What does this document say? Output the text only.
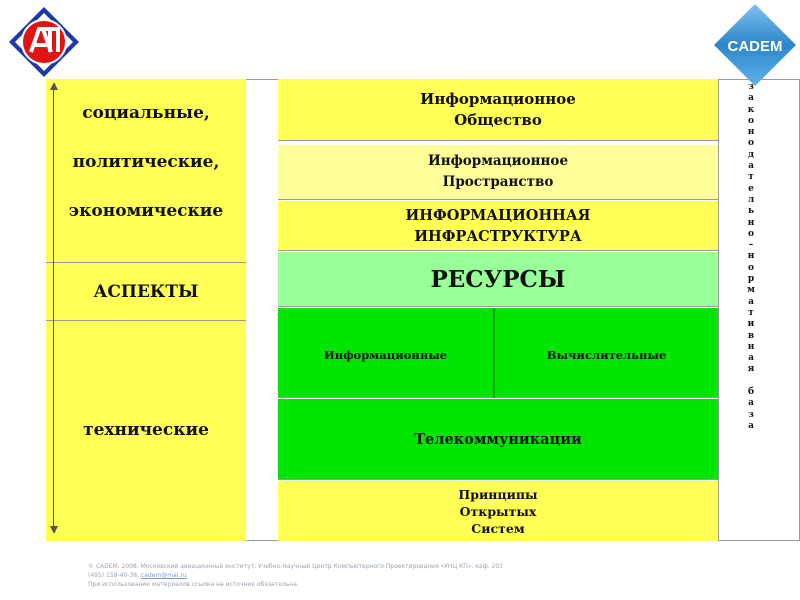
CADEM
социальные,
политические,
экономические
АСПЕКТЫ
технические
Информационное
Общество
Информационное
Пространство
ИНФОРМАЦИОННАЯ
ИНФРАСТРУКТУРА
РЕСУРСЫ
Информационные	Вычислительные
Телекоммуникации
Принципы
Открытых
Систем
з
а
к
о
н
о
д
а
т
е
л
ь
н
о
–
н
о
р
м
а
т
и
в
н
а
я

б
а
з
а
© CADEM, 2008. Московский авиационный институт, Учебно-Научный Центр Компьютерного Проектирования «УНЦ КП», каф. 203
(495) 158-40-38, cadem@mai.ru
При использовании материалов ссылка на источник обязательна.
